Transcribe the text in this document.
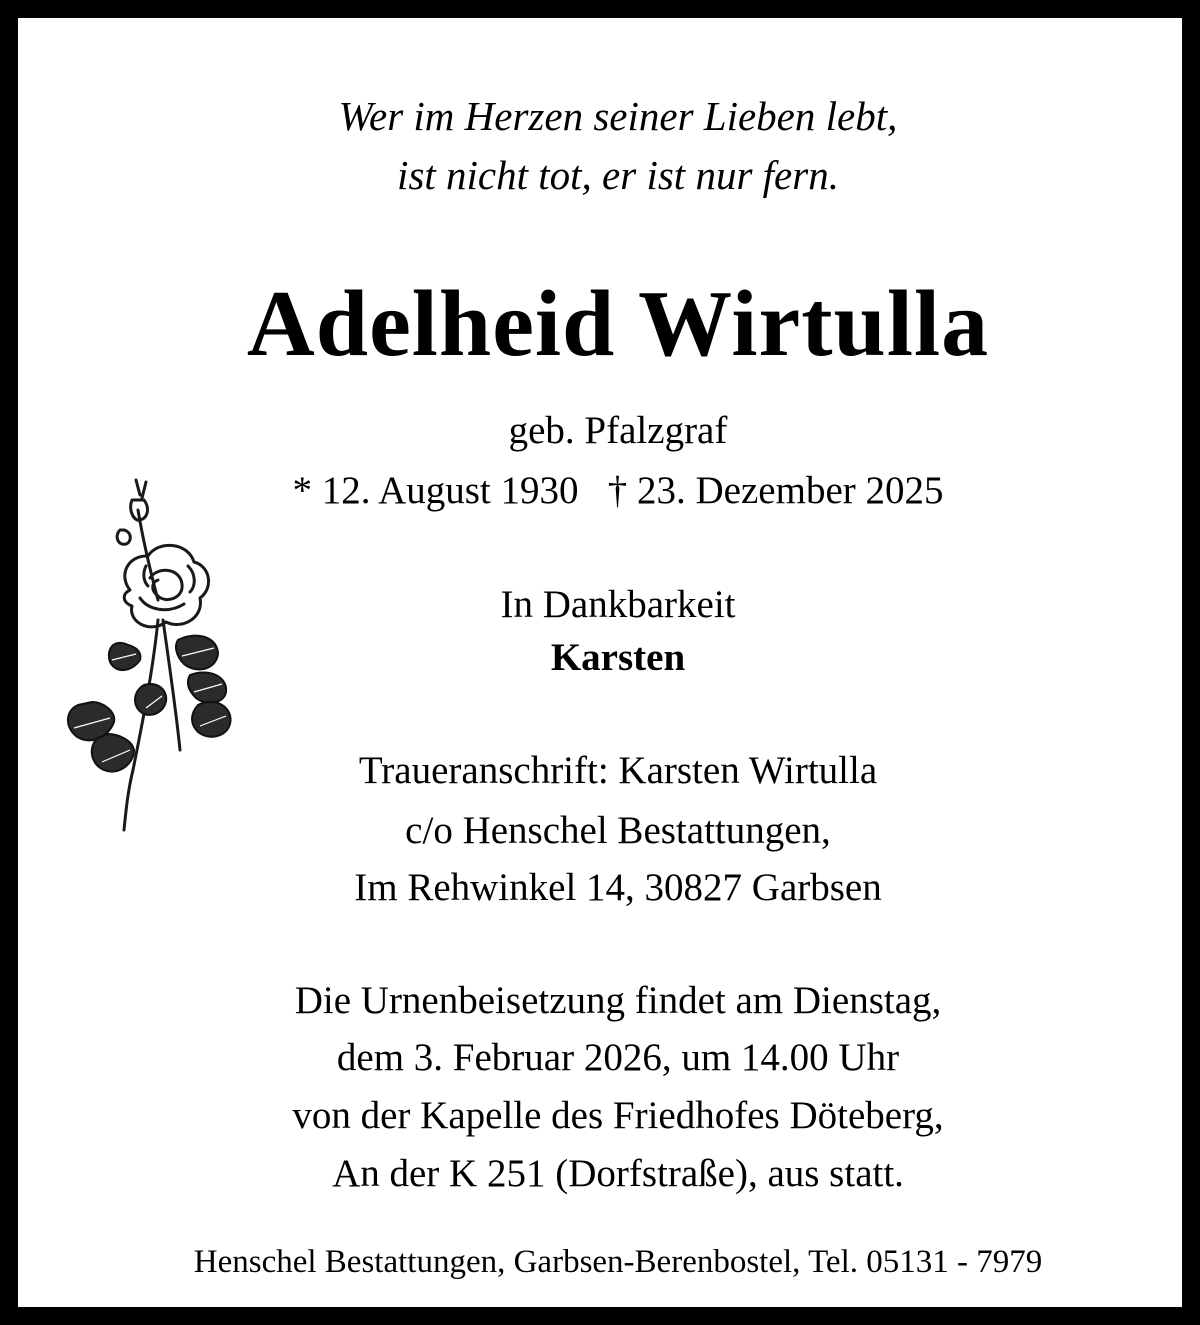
Wer im Herzen seiner Lieben lebt,
ist nicht tot, er ist nur fern.
Adelheid Wirtulla
geb. Pfalzgraf
* 12. August 1930   † 23. Dezember 2025
In Dankbarkeit
Karsten
Traueranschrift: Karsten Wirtulla
c/o Henschel Bestattungen,
Im Rehwinkel 14, 30827 Garbsen
Die Urnenbeisetzung findet am Dienstag,
dem 3. Februar 2026, um 14.00 Uhr
von der Kapelle des Friedhofes Döteberg,
An der K 251 (Dorfstraße), aus statt.
Henschel Bestattungen, Garbsen-Berenbostel, Tel. 05131 - 7979
